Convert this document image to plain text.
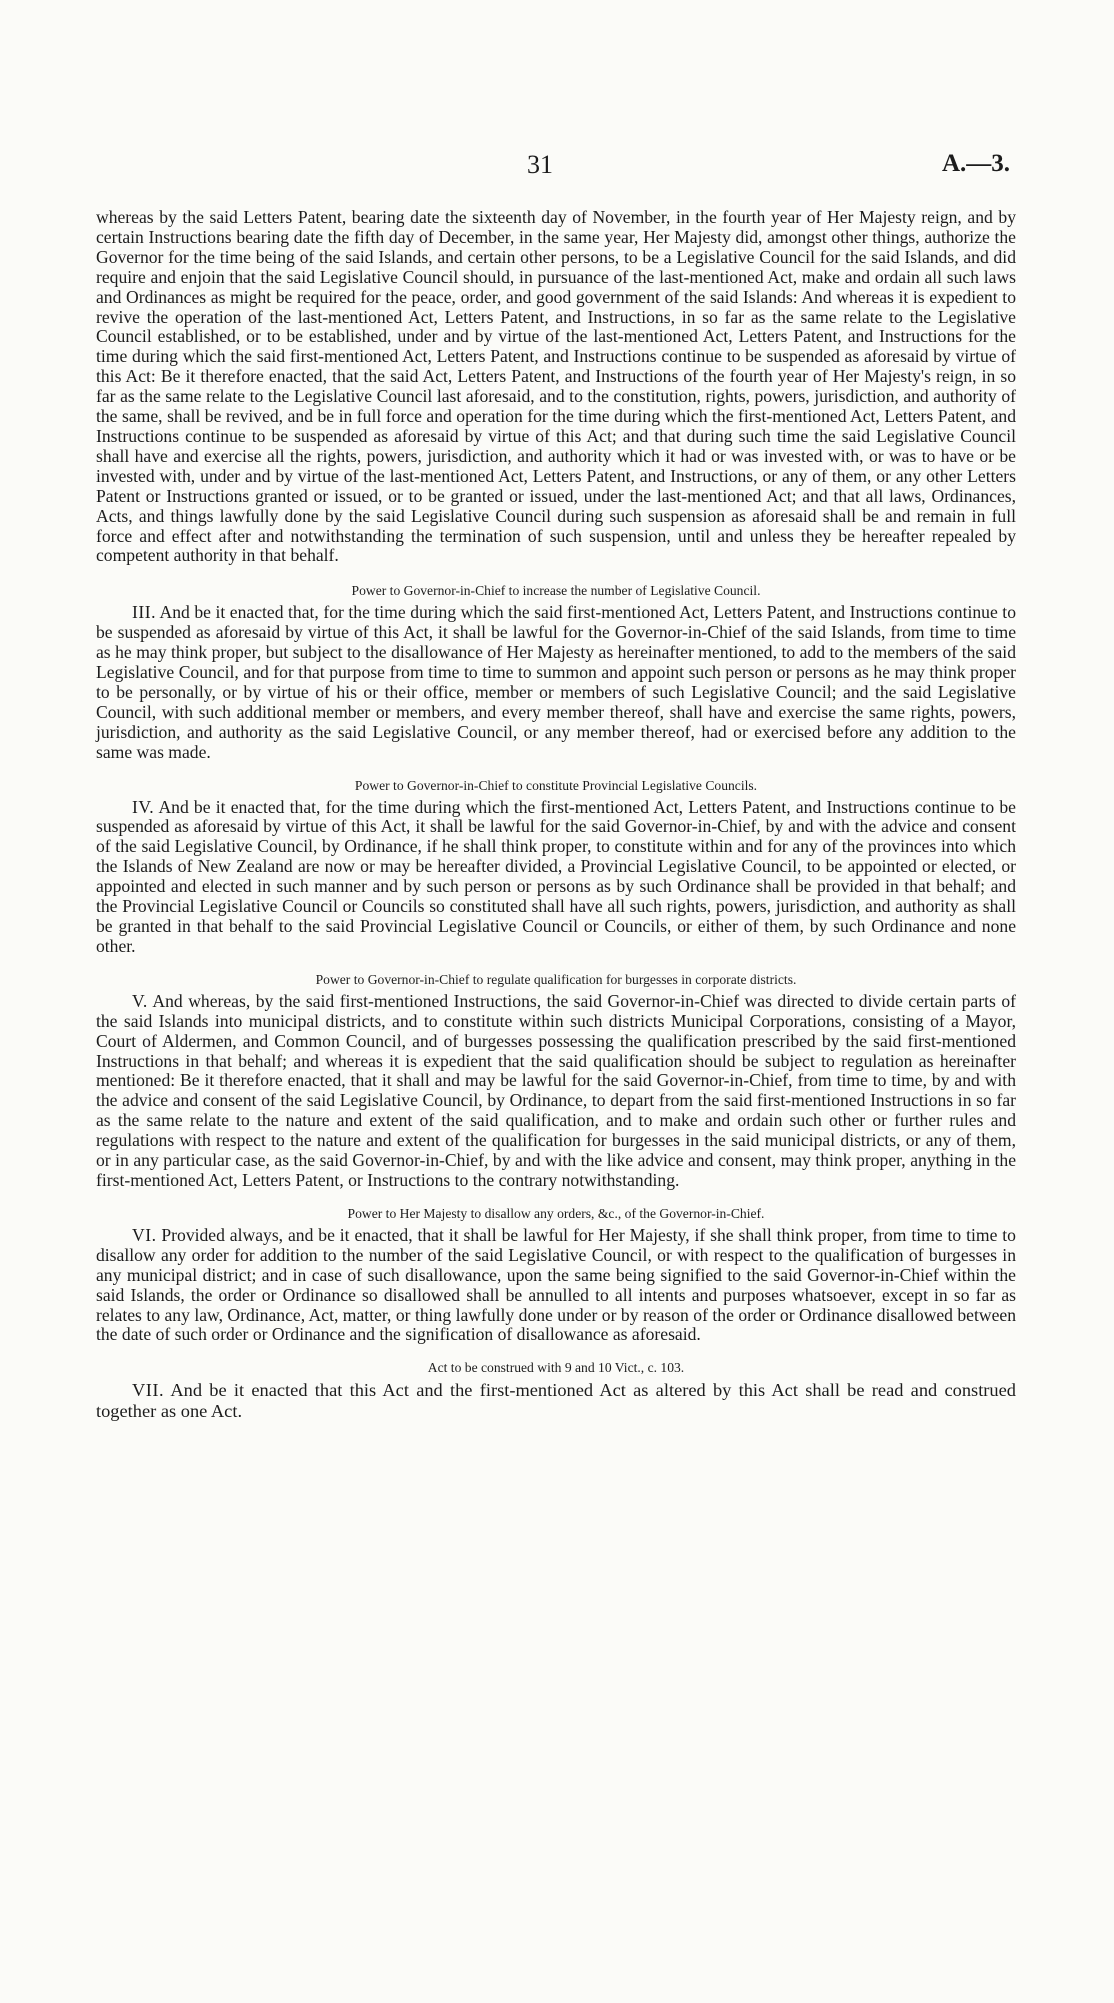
31	A.—3.

whereas by the said Letters Patent, bearing date the sixteenth day of November, in the fourth year of Her Majesty reign, and by certain Instructions bearing date the fifth day of December, in the same year, Her Majesty did, amongst other things, authorize the Governor for the time being of the said Islands, and certain other persons, to be a Legislative Council for the said Islands, and did require and enjoin that the said Legislative Council should, in pursuance of the last-mentioned Act, make and ordain all such laws and Ordinances as might be required for the peace, order, and good government of the said Islands: And whereas it is expedient to revive the operation of the last-mentioned Act, Letters Patent, and Instructions, in so far as the same relate to the Legislative Council established, or to be established, under and by virtue of the last-mentioned Act, Letters Patent, and Instructions for the time during which the said first-mentioned Act, Letters Patent, and Instructions continue to be suspended as aforesaid by virtue of this Act: Be it therefore enacted, that the said Act, Letters Patent, and Instructions of the fourth year of Her Majesty's reign, in so far as the same relate to the Legislative Council last aforesaid, and to the constitution, rights, powers, jurisdiction, and authority of the same, shall be revived, and be in full force and operation for the time during which the first-mentioned Act, Letters Patent, and Instructions continue to be suspended as aforesaid by virtue of this Act; and that during such time the said Legislative Council shall have and exercise all the rights, powers, jurisdiction, and authority which it had or was invested with, or was to have or be invested with, under and by virtue of the last-mentioned Act, Letters Patent, and Instructions, or any of them, or any other Letters Patent or Instructions granted or issued, or to be granted or issued, under the last-mentioned Act; and that all laws, Ordinances, Acts, and things lawfully done by the said Legislative Council during such suspension as aforesaid shall be and remain in full force and effect after and notwithstanding the termination of such suspension, until and unless they be hereafter repealed by competent authority in that behalf.

Power to Governor-in-Chief to increase the number of Legislative Council.

III. And be it enacted that, for the time during which the said first-mentioned Act, Letters Patent, and Instructions continue to be suspended as aforesaid by virtue of this Act, it shall be lawful for the Governor-in-Chief of the said Islands, from time to time as he may think proper, but subject to the disallowance of Her Majesty as hereinafter mentioned, to add to the members of the said Legislative Council, and for that purpose from time to time to summon and appoint such person or persons as he may think proper to be personally, or by virtue of his or their office, member or members of such Legislative Council; and the said Legislative Council, with such additional member or members, and every member thereof, shall have and exercise the same rights, powers, jurisdiction, and authority as the said Legislative Council, or any member thereof, had or exercised before any addition to the same was made.

Power to Governor-in-Chief to constitute Provincial Legislative Councils.

IV. And be it enacted that, for the time during which the first-mentioned Act, Letters Patent, and Instructions continue to be suspended as aforesaid by virtue of this Act, it shall be lawful for the said Governor-in-Chief, by and with the advice and consent of the said Legislative Council, by Ordinance, if he shall think proper, to constitute within and for any of the provinces into which the Islands of New Zealand are now or may be hereafter divided, a Provincial Legislative Council, to be appointed or elected, or appointed and elected in such manner and by such person or persons as by such Ordinance shall be provided in that behalf; and the Provincial Legislative Council or Councils so constituted shall have all such rights, powers, jurisdiction, and authority as shall be granted in that behalf to the said Provincial Legislative Council or Councils, or either of them, by such Ordinance and none other.

Power to Governor-in-Chief to regulate qualification for burgesses in corporate districts.

V. And whereas, by the said first-mentioned Instructions, the said Governor-in-Chief was directed to divide certain parts of the said Islands into municipal districts, and to constitute within such districts Municipal Corporations, consisting of a Mayor, Court of Aldermen, and Common Council, and of burgesses possessing the qualification prescribed by the said first-mentioned Instructions in that behalf; and whereas it is expedient that the said qualification should be subject to regulation as hereinafter mentioned: Be it therefore enacted, that it shall and may be lawful for the said Governor-in-Chief, from time to time, by and with the advice and consent of the said Legislative Council, by Ordinance, to depart from the said first-mentioned Instructions in so far as the same relate to the nature and extent of the said qualification, and to make and ordain such other or further rules and regulations with respect to the nature and extent of the qualification for burgesses in the said municipal districts, or any of them, or in any particular case, as the said Governor-in-Chief, by and with the like advice and consent, may think proper, anything in the first-mentioned Act, Letters Patent, or Instructions to the contrary notwithstanding.

Power to Her Majesty to disallow any orders, &c., of the Governor-in-Chief.

VI. Provided always, and be it enacted, that it shall be lawful for Her Majesty, if she shall think proper, from time to time to disallow any order for addition to the number of the said Legislative Council, or with respect to the qualification of burgesses in any municipal district; and in case of such disallowance, upon the same being signified to the said Governor-in-Chief within the said Islands, the order or Ordinance so disallowed shall be annulled to all intents and purposes whatsoever, except in so far as relates to any law, Ordinance, Act, matter, or thing lawfully done under or by reason of the order or Ordinance disallowed between the date of such order or Ordinance and the signification of disallowance as aforesaid.

Act to be construed with 9 and 10 Vict., c. 103.

VII. And be it enacted that this Act and the first-mentioned Act as altered by this Act shall be read and construed together as one Act.
